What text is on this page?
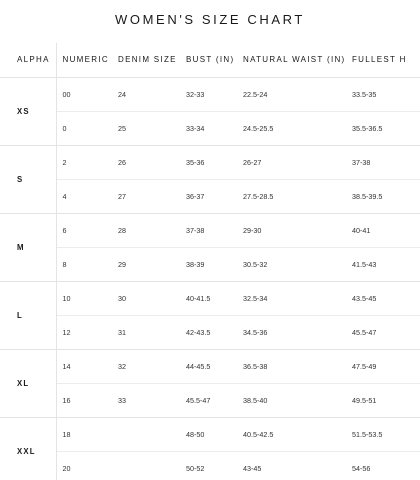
WOMEN'S SIZE CHART
ALPHA	NUMERIC	DENIM SIZE	BUST (IN)	NATURAL WAIST (IN)	FULLEST H
XS	00	24	32-33	22.5-24	33.5-35
	0	25	33-34	24.5-25.5	35.5-36.5
S	2	26	35-36	26-27	37-38
	4	27	36-37	27.5-28.5	38.5-39.5
M	6	28	37-38	29-30	40-41
	8	29	38-39	30.5-32	41.5-43
L	10	30	40-41.5	32.5-34	43.5-45
	12	31	42-43.5	34.5-36	45.5-47
XL	14	32	44-45.5	36.5-38	47.5-49
	16	33	45.5-47	38.5-40	49.5-51
XXL	18		48-50	40.5-42.5	51.5-53.5
	20		50-52	43-45	54-56
